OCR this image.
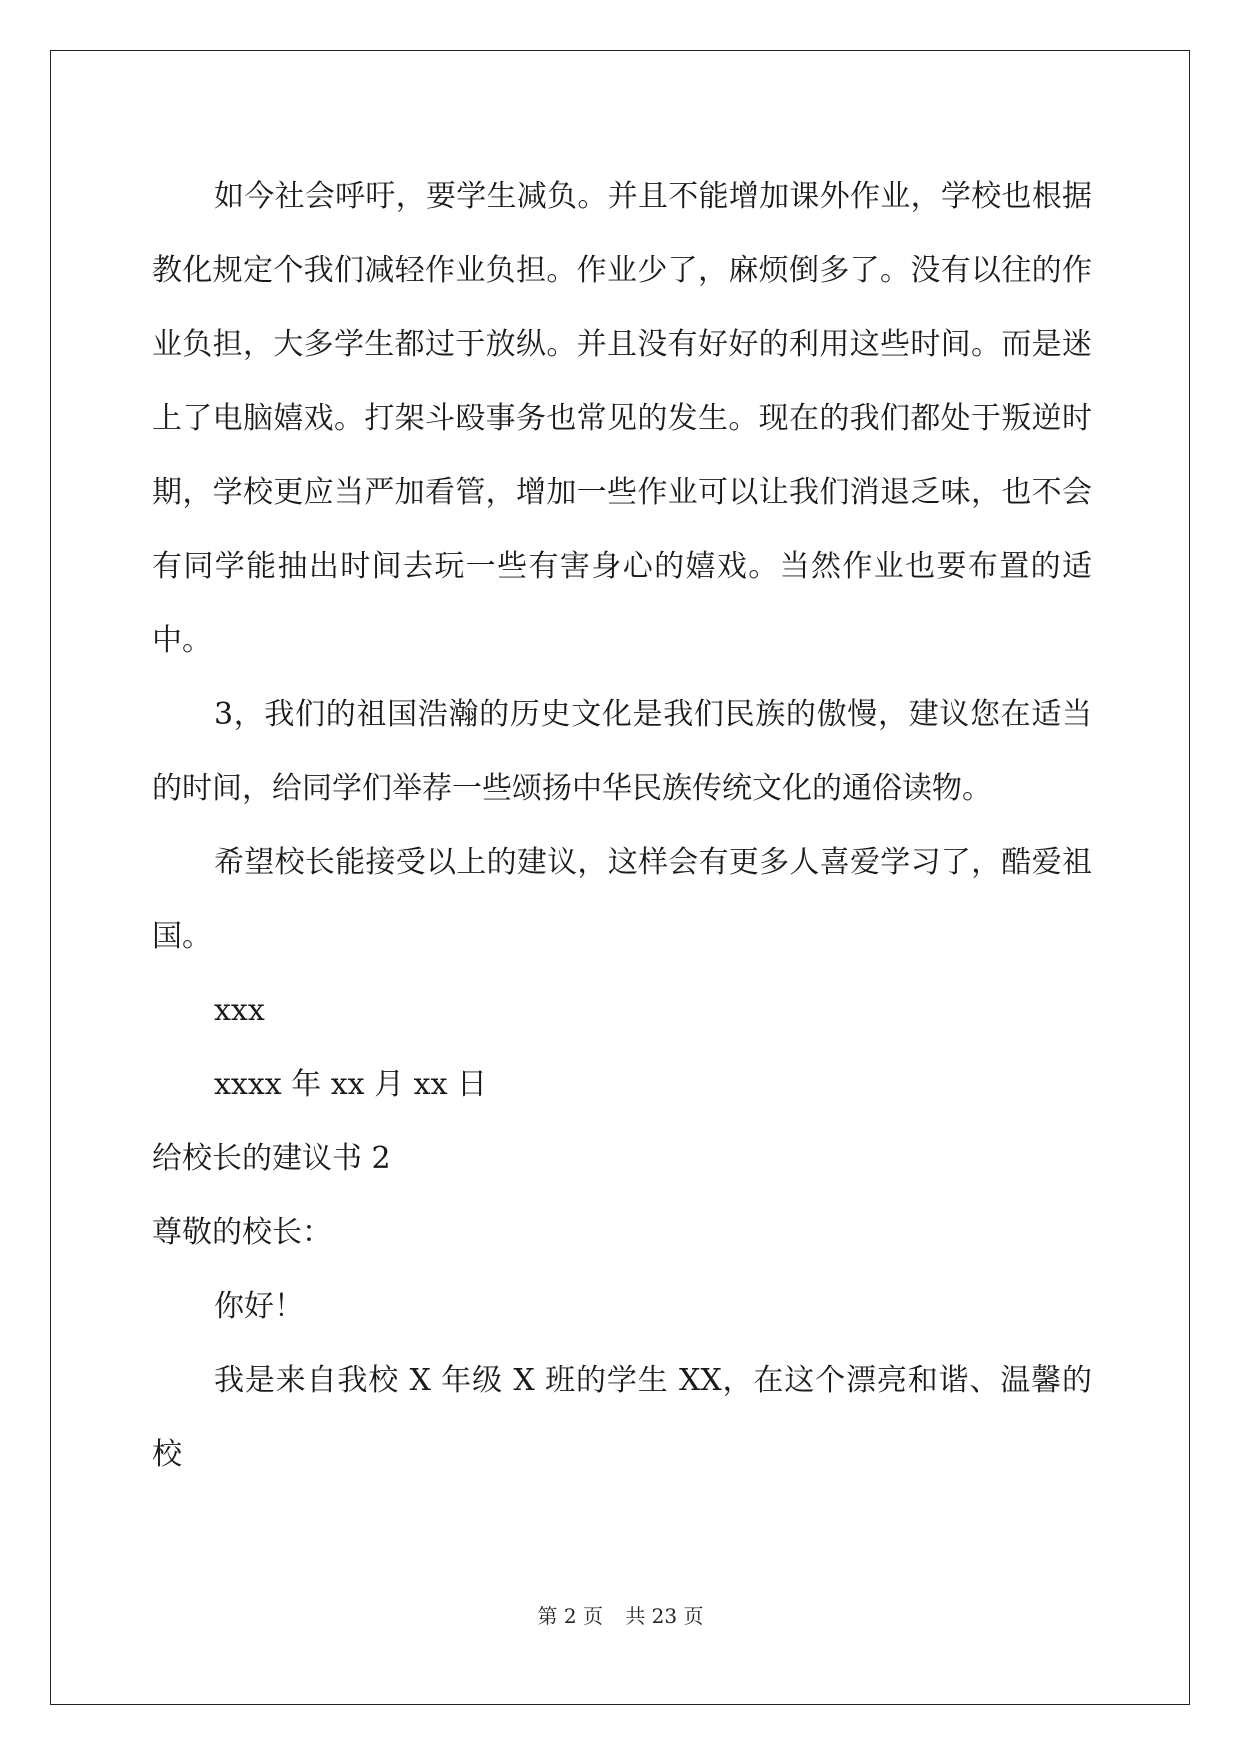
如今社会呼吁，要学生减负。并且不能增加课外作业，学校也根据教化规定个我们减轻作业负担。作业少了，麻烦倒多了。没有以往的作业负担，大多学生都过于放纵。并且没有好好的利用这些时间。而是迷上了电脑嬉戏。打架斗殴事务也常见的发生。现在的我们都处于叛逆时期，学校更应当严加看管，增加一些作业可以让我们消退乏味，也不会有同学能抽出时间去玩一些有害身心的嬉戏。当然作业也要布置的适中。

3，我们的祖国浩瀚的历史文化是我们民族的傲慢，建议您在适当的时间，给同学们举荐一些颂扬中华民族传统文化的通俗读物。

希望校长能接受以上的建议，这样会有更多人喜爱学习了，酷爱祖国。

xxx

xxxx 年 xx 月 xx 日

给校长的建议书 2

尊敬的校长：

你好！

我是来自我校 X 年级 X 班的学生 XX，在这个漂亮和谐、温馨的校

第 2 页 共 23 页
